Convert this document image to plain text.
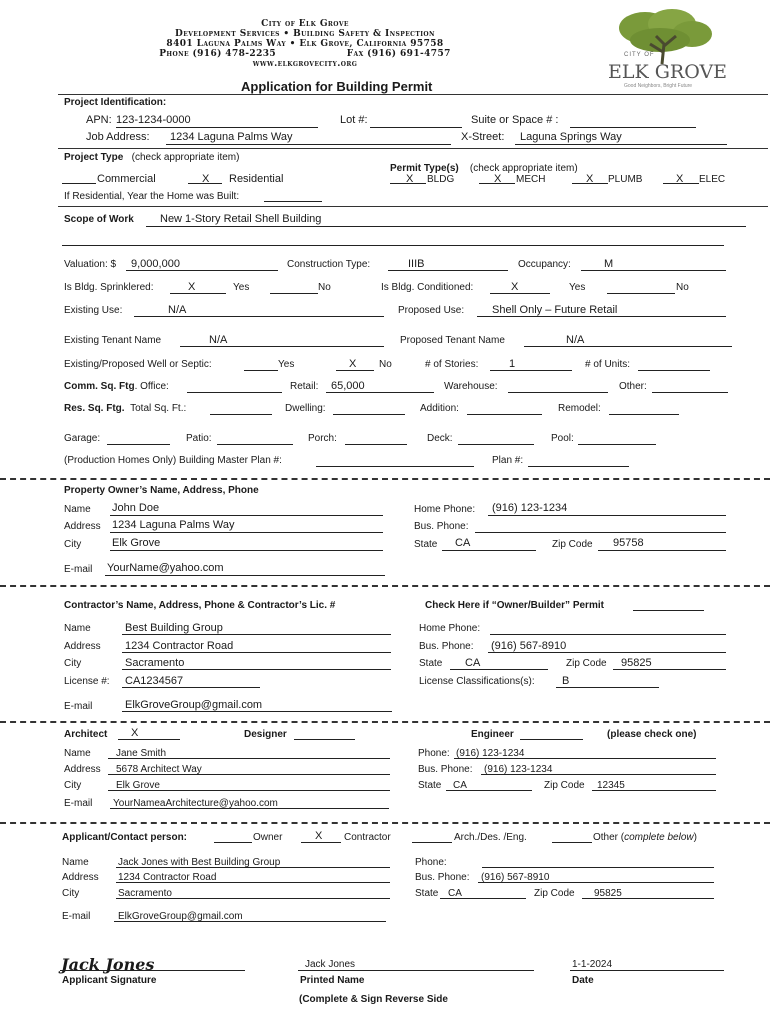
City of Elk Grove
Development Services • Building Safety & Inspection
8401 Laguna Palms Way • Elk Grove, California 95758
Phone (916) 478-2235                    Fax (916) 691-4757
www.elkgrovecity.org
CITY OF
ELK GROVE
Good Neighbors, Bright Future
Application for Building Permit
Project Identification:
APN: 123-1234-0000	Lot #:	Suite or Space # :
Job Address: 1234 Laguna Palms Way	X-Street: Laguna Springs Way
Project Type (check appropriate item)
Permit Type(s) (check appropriate item)
Commercial	X Residential	X BLDG	X MECH	X PLUMB	X ELEC
If Residential, Year the Home was Built:
Scope of Work New 1-Story Retail Shell Building
Valuation: $ 9,000,000	Construction Type:	IIIB	Occupancy:	M
Is Bldg. Sprinklered:	X	Yes	No	Is Bldg. Conditioned:	X	Yes	No
Existing Use:	N/A	Proposed Use:	Shell Only – Future Retail
Existing Tenant Name	N/A	Proposed Tenant Name	N/A
Existing/Proposed Well or Septic:	Yes	X No	# of Stories:	1	# of Units:
Comm. Sq. Ftg. Office:	Retail: 65,000	Warehouse:	Other:
Res. Sq. Ftg. Total Sq. Ft.:	Dwelling:	Addition:	Remodel:
Garage:	Patio:	Porch:	Deck:	Pool:
(Production Homes Only) Building Master Plan #:	Plan #:
Property Owner’s Name, Address, Phone
Name John Doe
Address 1234 Laguna Palms Way
City	Elk Grove
E-mail YourName@yahoo.com
Home Phone: (916) 123-1234
Bus. Phone:
State CA	Zip Code 95758
Contractor’s Name, Address, Phone & Contractor’s Lic. #	Check Here if “Owner/Builder” Permit
Name	Best Building Group
Address 1234 Contractor Road
City	Sacramento
License #: CA1234567
E-mail	ElkGroveGroup@gmail.com
Home Phone:
Bus. Phone: (916) 567-8910
State CA	Zip Code 95825
License Classifications(s): B
Architect X	Designer	Engineer	(please check one)
Name	Jane Smith
Address 5678 Architect Way
City	Elk Grove
E-mail YourNameaArchitecture@yahoo.com
Phone: (916) 123-1234
Bus. Phone: (916) 123-1234
State CA	Zip Code 12345
Applicant/Contact person:	Owner	X Contractor	Arch./Des. /Eng.	Other (complete below)
Name	Jack Jones with Best Building Group
Address 1234 Contractor Road
City	Sacramento
E-mail	ElkGroveGroup@gmail.com
Phone:
Bus. Phone: (916) 567-8910
State CA	Zip Code 95825
Jack Jones
Applicant Signature
Jack Jones
Printed Name
1-1-2024
Date
(Complete & Sign Reverse Side
